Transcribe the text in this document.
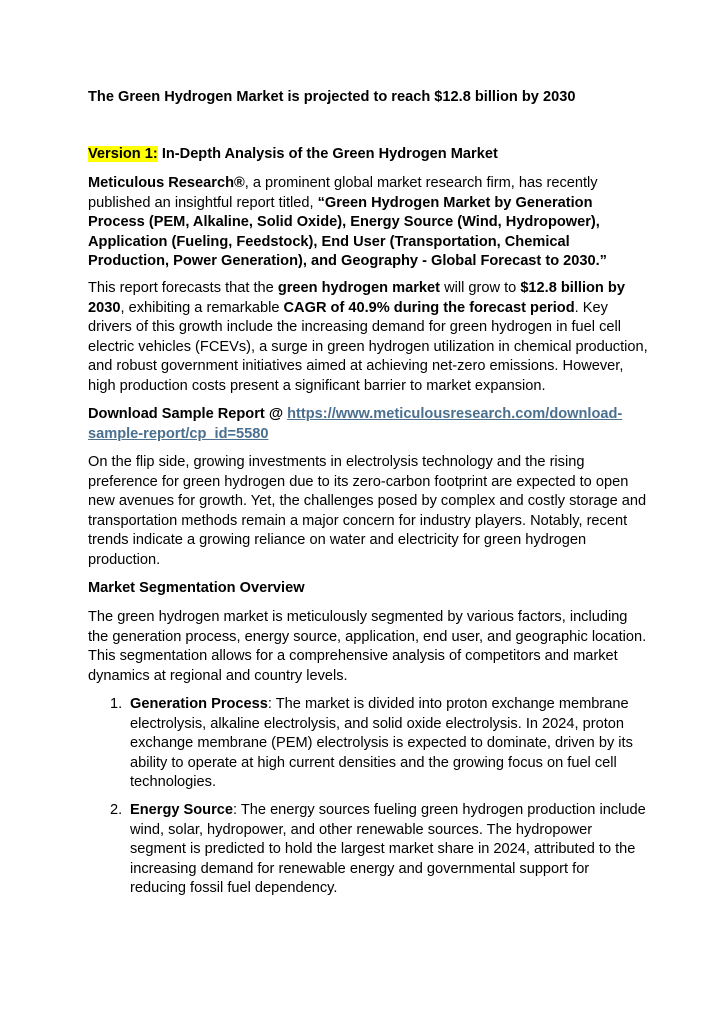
The Green Hydrogen Market is projected to reach $12.8 billion by 2030
Version 1: In-Depth Analysis of the Green Hydrogen Market
Meticulous Research®, a prominent global market research firm, has recently published an insightful report titled, “Green Hydrogen Market by Generation Process (PEM, Alkaline, Solid Oxide), Energy Source (Wind, Hydropower), Application (Fueling, Feedstock), End User (Transportation, Chemical Production, Power Generation), and Geography - Global Forecast to 2030.”
This report forecasts that the green hydrogen market will grow to $12.8 billion by 2030, exhibiting a remarkable CAGR of 40.9% during the forecast period. Key drivers of this growth include the increasing demand for green hydrogen in fuel cell electric vehicles (FCEVs), a surge in green hydrogen utilization in chemical production, and robust government initiatives aimed at achieving net-zero emissions. However, high production costs present a significant barrier to market expansion.
Download Sample Report @ https://www.meticulousresearch.com/download-sample-report/cp_id=5580
On the flip side, growing investments in electrolysis technology and the rising preference for green hydrogen due to its zero-carbon footprint are expected to open new avenues for growth. Yet, the challenges posed by complex and costly storage and transportation methods remain a major concern for industry players. Notably, recent trends indicate a growing reliance on water and electricity for green hydrogen production.
Market Segmentation Overview
The green hydrogen market is meticulously segmented by various factors, including the generation process, energy source, application, end user, and geographic location. This segmentation allows for a comprehensive analysis of competitors and market dynamics at regional and country levels.
1. Generation Process: The market is divided into proton exchange membrane electrolysis, alkaline electrolysis, and solid oxide electrolysis. In 2024, proton exchange membrane (PEM) electrolysis is expected to dominate, driven by its ability to operate at high current densities and the growing focus on fuel cell technologies.
2. Energy Source: The energy sources fueling green hydrogen production include wind, solar, hydropower, and other renewable sources. The hydropower segment is predicted to hold the largest market share in 2024, attributed to the increasing demand for renewable energy and governmental support for reducing fossil fuel dependency.
